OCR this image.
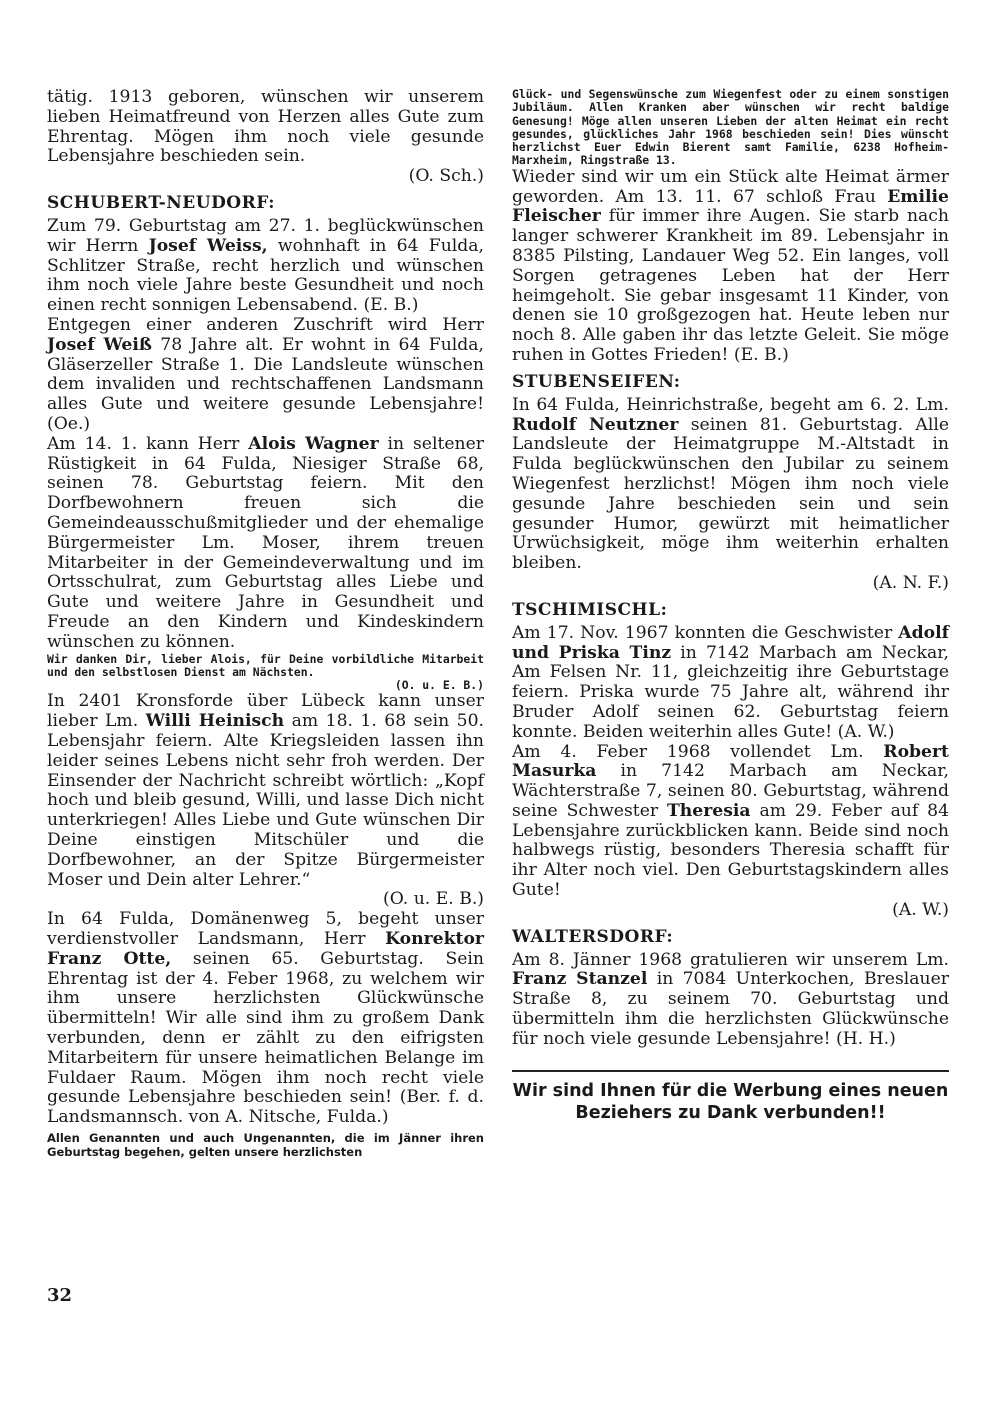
tätig. 1913 geboren, wünschen wir unserem lieben Heimatfreund von Herzen alles Gute zum Ehrentag. Mögen ihm noch viele gesunde Lebensjahre beschieden sein.

(O. Sch.)

SCHUBERT-NEUDORF:

Zum 79. Geburtstag am 27. 1. beglückwünschen wir Herrn Josef Weiss, wohnhaft in 64 Fulda, Schlitzer Straße, recht herzlich und wünschen ihm noch viele Jahre beste Gesundheit und noch einen recht sonnigen Lebensabend. (E. B.)

Entgegen einer anderen Zuschrift wird Herr Josef Weiß 78 Jahre alt. Er wohnt in 64 Fulda, Gläserzeller Straße 1. Die Landsleute wünschen dem invaliden und rechtschaffenen Landsmann alles Gute und weitere gesunde Lebensjahre! (Oe.)

Am 14. 1. kann Herr Alois Wagner in seltener Rüstigkeit in 64 Fulda, Niesiger Straße 68, seinen 78. Geburtstag feiern. Mit den Dorfbewohnern freuen sich die Gemeindeausschußmitglieder und der ehemalige Bürgermeister Lm. Moser, ihrem treuen Mitarbeiter in der Gemeindeverwaltung und im Ortsschulrat, zum Geburtstag alles Liebe und Gute und weitere Jahre in Gesundheit und Freude an den Kindern und Kindeskindern wünschen zu können.

Wir danken Dir, lieber Alois, für Deine vorbildliche Mitarbeit und den selbstlosen Dienst am Nächsten.

(O. u. E. B.)

In 2401 Kronsforde über Lübeck kann unser lieber Lm. Willi Heinisch am 18. 1. 68 sein 50. Lebensjahr feiern. Alte Kriegsleiden lassen ihn leider seines Lebens nicht sehr froh werden. Der Einsender der Nachricht schreibt wörtlich: „Kopf hoch und bleib gesund, Willi, und lasse Dich nicht unterkriegen! Alles Liebe und Gute wünschen Dir Deine einstigen Mitschüler und die Dorfbewohner, an der Spitze Bürgermeister Moser und Dein alter Lehrer.“

(O. u. E. B.)

In 64 Fulda, Domänenweg 5, begeht unser verdienstvoller Landsmann, Herr Konrektor Franz Otte, seinen 65. Geburtstag. Sein Ehrentag ist der 4. Feber 1968, zu welchem wir ihm unsere herzlichsten Glückwünsche übermitteln! Wir alle sind ihm zu großem Dank verbunden, denn er zählt zu den eifrigsten Mitarbeitern für unsere heimatlichen Belange im Fuldaer Raum. Mögen ihm noch recht viele gesunde Lebensjahre beschieden sein! (Ber. f. d. Landsmannsch. von A. Nitsche, Fulda.)

Allen Genannten und auch Ungenannten, die im Jänner ihren Geburtstag begehen, gelten unsere herzlichsten

Glück- und Segenswünsche zum Wiegenfest oder zu einem sonstigen Jubiläum. Allen Kranken aber wünschen wir recht baldige Genesung! Möge allen unseren Lieben der alten Heimat ein recht gesundes, glückliches Jahr 1968 beschieden sein! Dies wünscht herzlichst Euer Edwin Bierent samt Familie, 6238 Hofheim-Marxheim, Ringstraße 13.

Wieder sind wir um ein Stück alte Heimat ärmer geworden. Am 13. 11. 67 schloß Frau Emilie Fleischer für immer ihre Augen. Sie starb nach langer schwerer Krankheit im 89. Lebensjahr in 8385 Pilsting, Landauer Weg 52. Ein langes, voll Sorgen getragenes Leben hat der Herr heimgeholt. Sie gebar insgesamt 11 Kinder, von denen sie 10 großgezogen hat. Heute leben nur noch 8. Alle gaben ihr das letzte Geleit. Sie möge ruhen in Gottes Frieden! (E. B.)

STUBENSEIFEN:

In 64 Fulda, Heinrichstraße, begeht am 6. 2. Lm. Rudolf Neutzner seinen 81. Geburtstag. Alle Landsleute der Heimatgruppe M.-Altstadt in Fulda beglückwünschen den Jubilar zu seinem Wiegenfest herzlichst! Mögen ihm noch viele gesunde Jahre beschieden sein und sein gesunder Humor, gewürzt mit heimatlicher Urwüchsigkeit, möge ihm weiterhin erhalten bleiben.

(A. N. F.)

TSCHIMISCHL:

Am 17. Nov. 1967 konnten die Geschwister Adolf und Priska Tinz in 7142 Marbach am Neckar, Am Felsen Nr. 11, gleichzeitig ihre Geburtstage feiern. Priska wurde 75 Jahre alt, während ihr Bruder Adolf seinen 62. Geburtstag feiern konnte. Beiden weiterhin alles Gute! (A. W.)

Am 4. Feber 1968 vollendet Lm. Robert Masurka in 7142 Marbach am Neckar, Wächterstraße 7, seinen 80. Geburtstag, während seine Schwester Theresia am 29. Feber auf 84 Lebensjahre zurückblicken kann. Beide sind noch halbwegs rüstig, besonders Theresia schafft für ihr Alter noch viel. Den Geburtstagskindern alles Gute!

(A. W.)

WALTERSDORF:

Am 8. Jänner 1968 gratulieren wir unserem Lm. Franz Stanzel in 7084 Unterkochen, Breslauer Straße 8, zu seinem 70. Geburtstag und übermitteln ihm die herzlichsten Glückwünsche für noch viele gesunde Lebensjahre! (H. H.)

Wir sind Ihnen für die Werbung eines neuen Beziehers zu Dank verbunden!!

32
